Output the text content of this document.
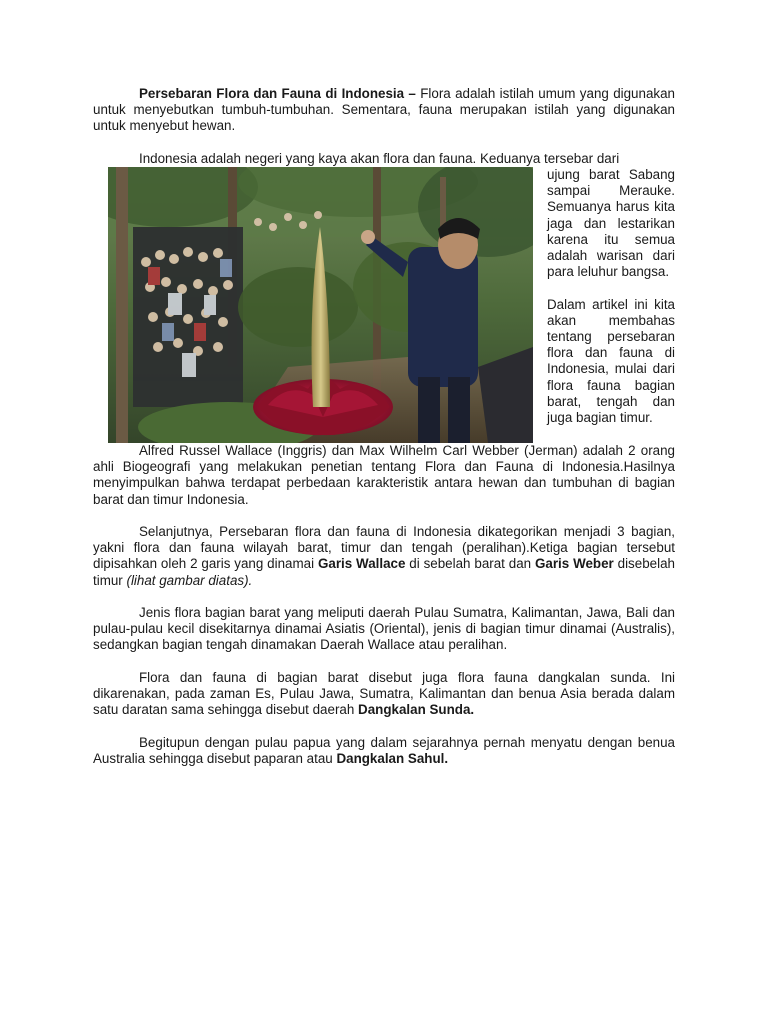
Persebaran Flora dan Fauna di Indonesia – Flora adalah istilah umum yang digunakan untuk menyebutkan tumbuh-tumbuhan. Sementara, fauna merupakan istilah yang digunakan untuk menyebut hewan.

Indonesia adalah negeri yang kaya akan flora dan fauna. Keduanya tersebar dari

ujung barat Sabang sampai Merauke. Semuanya harus kita jaga dan lestarikan karena itu semua adalah warisan dari para leluhur bangsa.

Dalam artikel ini kita akan membahas tentang persebaran flora dan fauna di Indonesia, mulai dari flora fauna bagian barat, tengah dan juga bagian timur.

Alfred Russel Wallace (Inggris) dan Max Wilhelm Carl Webber (Jerman) adalah 2 orang ahli Biogeografi yang melakukan penetian tentang Flora dan Fauna di Indonesia.Hasilnya menyimpulkan bahwa terdapat perbedaan karakteristik antara hewan dan tumbuhan di bagian barat dan timur Indonesia.

Selanjutnya, Persebaran flora dan fauna di Indonesia dikategorikan menjadi 3 bagian, yakni flora dan fauna wilayah barat, timur dan tengah (peralihan).Ketiga bagian tersebut dipisahkan oleh 2 garis yang dinamai Garis Wallace di sebelah barat dan Garis Weber disebelah timur (lihat gambar diatas).

Jenis flora bagian barat yang meliputi daerah Pulau Sumatra, Kalimantan, Jawa, Bali dan pulau-pulau kecil disekitarnya dinamai Asiatis (Oriental), jenis di bagian timur dinamai (Australis), sedangkan bagian tengah dinamakan Daerah Wallace atau peralihan.

Flora dan fauna di bagian barat disebut juga flora fauna dangkalan sunda. Ini dikarenakan, pada zaman Es, Pulau Jawa, Sumatra, Kalimantan dan benua Asia berada dalam satu daratan sama sehingga disebut daerah Dangkalan Sunda.

Begitupun dengan pulau papua yang dalam sejarahnya pernah menyatu dengan benua Australia sehingga disebut paparan atau Dangkalan Sahul.
